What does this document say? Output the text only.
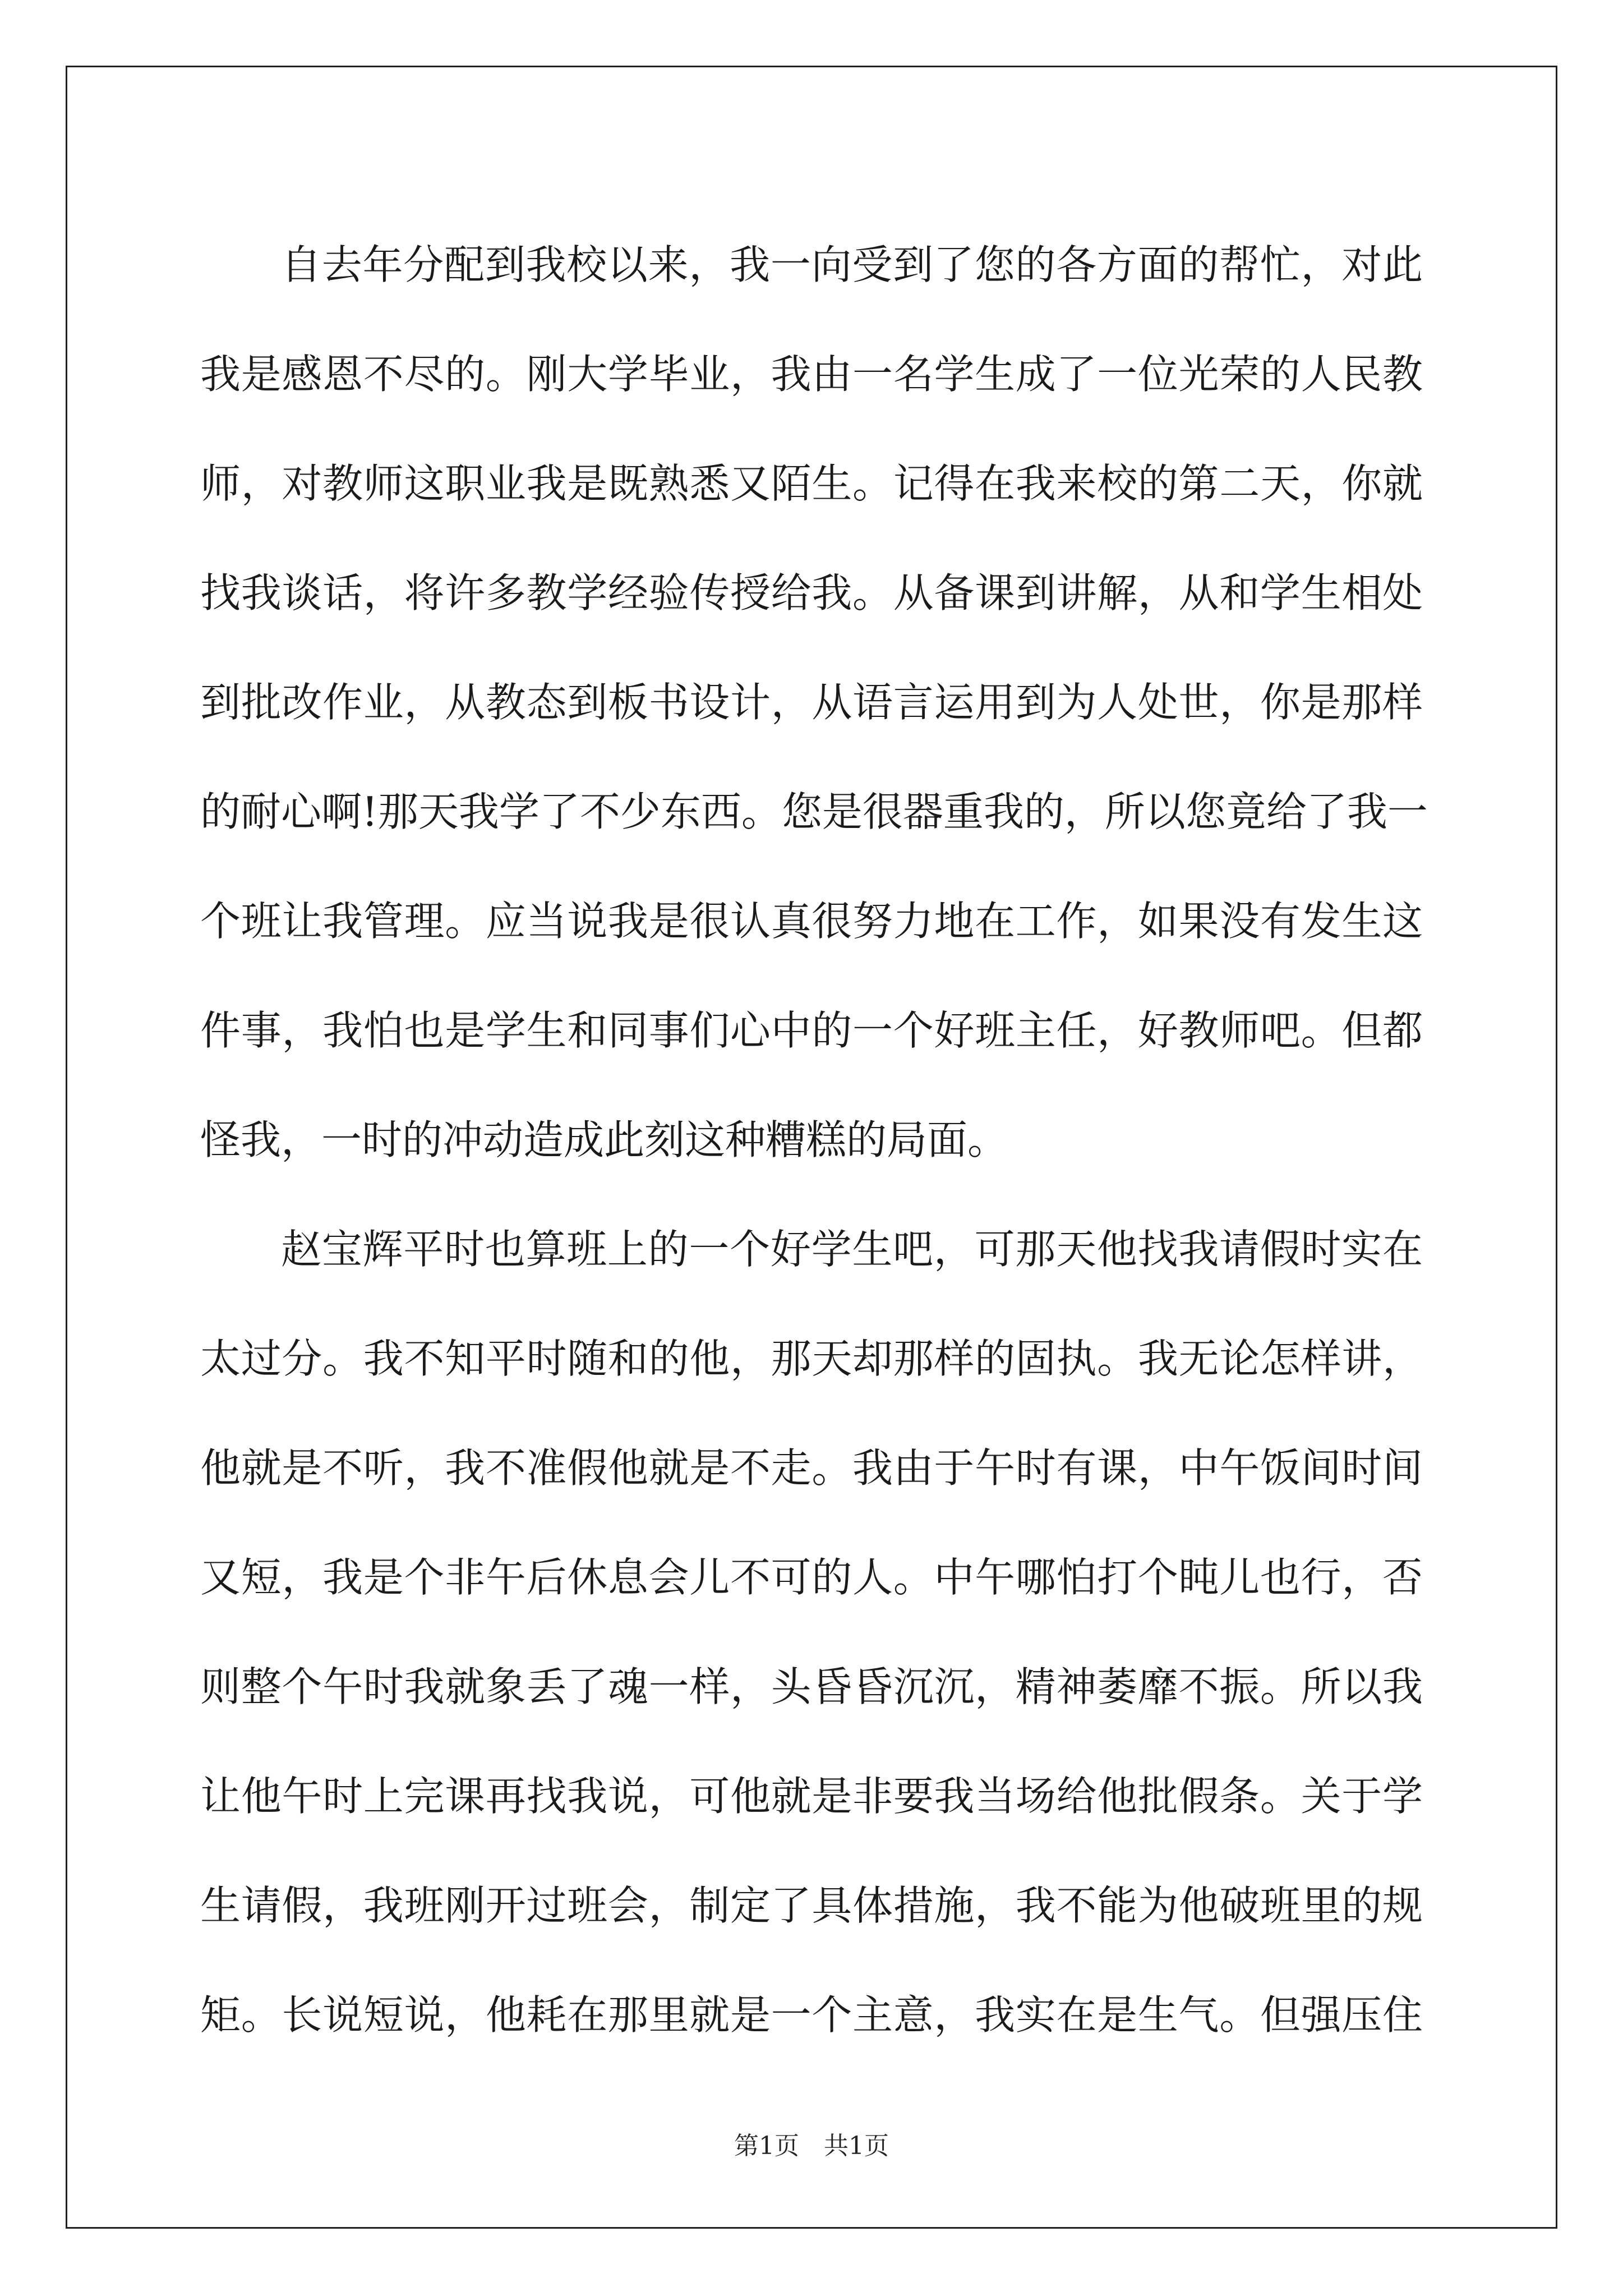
自去年分配到我校以来，我一向受到了您的各方面的帮忙，对此
我是感恩不尽的。刚大学毕业，我由一名学生成了一位光荣的人民教
师，对教师这职业我是既熟悉又陌生。记得在我来校的第二天，你就
找我谈话，将许多教学经验传授给我。从备课到讲解，从和学生相处
到批改作业，从教态到板书设计，从语言运用到为人处世，你是那样
的耐心啊!那天我学了不少东西。您是很器重我的，所以您竟给了我一
个班让我管理。应当说我是很认真很努力地在工作，如果没有发生这
件事，我怕也是学生和同事们心中的一个好班主任，好教师吧。但都
怪我，一时的冲动造成此刻这种糟糕的局面。
赵宝辉平时也算班上的一个好学生吧，可那天他找我请假时实在
太过分。我不知平时随和的他，那天却那样的固执。我无论怎样讲，
他就是不听，我不准假他就是不走。我由于午时有课，中午饭间时间
又短，我是个非午后休息会儿不可的人。中午哪怕打个盹儿也行，否
则整个午时我就象丢了魂一样，头昏昏沉沉，精神萎靡不振。所以我
让他午时上完课再找我说，可他就是非要我当场给他批假条。关于学
生请假，我班刚开过班会，制定了具体措施，我不能为他破班里的规
矩。长说短说，他耗在那里就是一个主意，我实在是生气。但强压住
第1页　共1页
